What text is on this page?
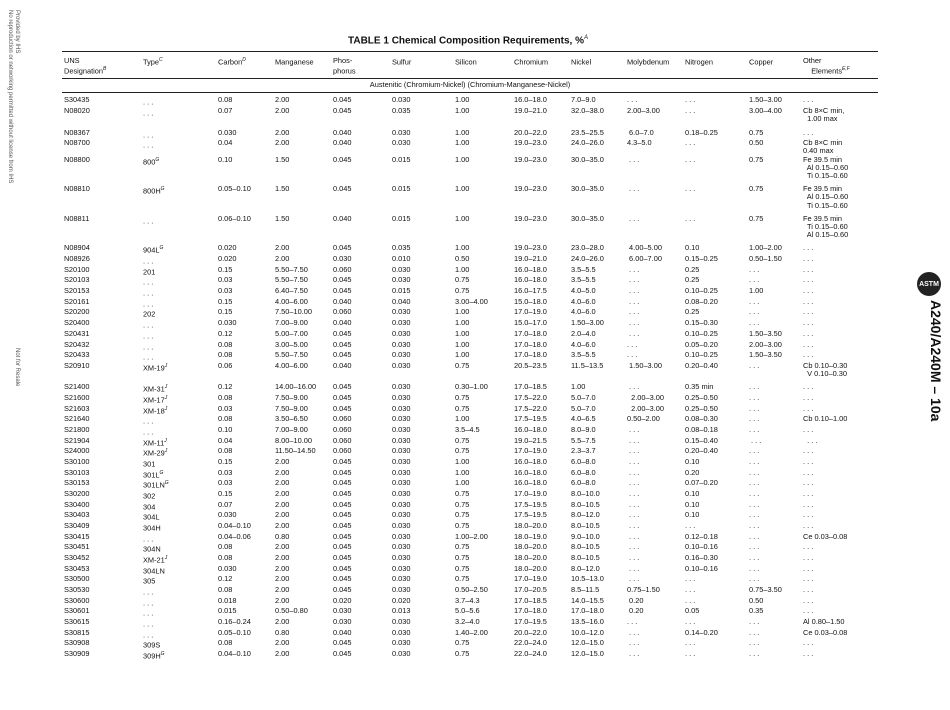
Provided by IHS
No reproduction or networking permitted without license from IHS
Not for Resale
ASTM
A240/A240M – 10a
TABLE 1 Chemical Composition Requirements, %$^A$
UNS
Designation$^B$	Type$^C$	Carbon$^D$	Manganese	Phos-
phorus	Sulfur	Silicon	Chromium	Nickel	Molybdenum	Nitrogen	Copper	Other
Elements$^{E,F}$
Austenitic (Chromium-Nickel) (Chromium-Manganese-Nickel)												
S30435	. . .	0.08	2.00	0.045	0.030	1.00	16.0–18.0	7.0–9.0	. . .	. . .	1.50–3.00	. . .
N08020	. . .	0.07	2.00	0.045	0.035	1.00	19.0–21.0	32.0–38.0	2.00–3.00	. . .	3.00–4.00	Cb 8×C min,
1.00 max
N08367	. . .	0.030	2.00	0.040	0.030	1.00	20.0–22.0	23.5–25.5	6.0–7.0	0.18–0.25	0.75	. . .
N08700	. . .	0.04	2.00	0.040	0.030	1.00	19.0–23.0	24.0–26.0	4.3–5.0	. . .	0.50	Cb 8×C min
0.40 max
N08800	$800^G$	0.10	1.50	0.045	0.015	1.00	19.0–23.0	30.0–35.0	. . .	. . .	0.75	Fe 39.5 min
Al 0.15–0.60
Ti 0.15–0.60
N08810	$800H^G$	0.05–0.10	1.50	0.045	0.015	1.00	19.0–23.0	30.0–35.0	. . .	. . .	0.75	Fe 39.5 min
Al 0.15–0.60
Ti 0.15–0.60
N08811	. . .	0.06–0.10	1.50	0.040	0.015	1.00	19.0–23.0	30.0–35.0	. . .	. . .	0.75	Fe 39.5 min
Ti 0.15–0.60
Al 0.15–0.60
N08904	$904L^G$	0.020	2.00	0.045	0.035	1.00	19.0–23.0	23.0–28.0	4.00–5.00	0.10	1.00–2.00	. . .
N08926	. . .	0.020	2.00	0.030	0.010	0.50	19.0–21.0	24.0–26.0	6.00–7.00	0.15–0.25	0.50–1.50	. . .
S20100	201	0.15	5.50–7.50	0.060	0.030	1.00	16.0–18.0	3.5–5.5	. . .	0.25	. . .	. . .
S20103	. . .	0.03	5.50–7.50	0.045	0.030	0.75	16.0–18.0	3.5–5.5	. . .	0.25	. . .	. . .
S20153	. . .	0.03	6.40–7.50	0.045	0.015	0.75	16.0–17.5	4.0–5.0	. . .	0.10–0.25	1.00	. . .
S20161	. . .	0.15	4.00–6.00	0.040	0.040	3.00–4.00	15.0–18.0	4.0–6.0	. . .	0.08–0.20	. . .	. . .
S20200	202	0.15	7.50–10.00	0.060	0.030	1.00	17.0–19.0	4.0–6.0	. . .	0.25	. . .	. . .
S20400	. . .	0.030	7.00–9.00	0.040	0.030	1.00	15.0–17.0	1.50–3.00	. . .	0.15–0.30	. . .	. . .
S20431	. . .	0.12	5.00–7.00	0.045	0.030	1.00	17.0–18.0	2.0–4.0	. . .	0.10–0.25	1.50–3.50	. . .
S20432	. . .	0.08	3.00–5.00	0.045	0.030	1.00	17.0–18.0	4.0–6.0	. . .	0.05–0.20	2.00–3.00	. . .
S20433	. . .	0.08	5.50–7.50	0.045	0.030	1.00	17.0–18.0	3.5–5.5	. . .	0.10–0.25	1.50–3.50	. . .
S20910	$XM-19^J$	0.06	4.00–6.00	0.040	0.030	0.75	20.5–23.5	11.5–13.5	1.50–3.00	0.20–0.40	. . .	Cb 0.10–0.30
V 0.10–0.30
S21400	$XM-31^J$	0.12	14.00–16.00	0.045	0.030	0.30–1.00	17.0–18.5	1.00	. . .	0.35 min	. . .	. . .
S21600	$XM-17^J$	0.08	7.50–9.00	0.045	0.030	0.75	17.5–22.0	5.0–7.0	2.00–3.00	0.25–0.50	. . .	. . .
S21603	$XM-18^J$	0.03	7.50–9.00	0.045	0.030	0.75	17.5–22.0	5.0–7.0	2.00–3.00	0.25–0.50	. . .	. . .
S21640	. . .	0.08	3.50–6.50	0.060	0.030	1.00	17.5–19.5	4.0–6.5	0.50–2.00	0.08–0.30	. . .	Cb 0.10–1.00
S21800	. . .	0.10	7.00–9.00	0.060	0.030	3.5–4.5	16.0–18.0	8.0–9.0	. . .	0.08–0.18	. . .	. . .
S21904	$XM-11^J$	0.04	8.00–10.00	0.060	0.030	0.75	19.0–21.5	5.5–7.5	. . .	0.15–0.40	. . .	. . .
S24000	$XM-29^J$	0.08	11.50–14.50	0.060	0.030	0.75	17.0–19.0	2.3–3.7	. . .	0.20–0.40	. . .	. . .
S30100	301	0.15	2.00	0.045	0.030	1.00	16.0–18.0	6.0–8.0	. . .	0.10	. . .	. . .
S30103	$301L^G$	0.03	2.00	0.045	0.030	1.00	16.0–18.0	6.0–8.0	. . .	0.20	. . .	. . .
S30153	$301LN^G$	0.03	2.00	0.045	0.030	1.00	16.0–18.0	6.0–8.0	. . .	0.07–0.20	. . .	. . .
S30200	302	0.15	2.00	0.045	0.030	0.75	17.0–19.0	8.0–10.0	. . .	0.10	. . .	. . .
S30400	304	0.07	2.00	0.045	0.030	0.75	17.5–19.5	8.0–10.5	. . .	0.10	. . .	. . .
S30403	304L	0.030	2.00	0.045	0.030	0.75	17.5–19.5	8.0–12.0	. . .	0.10	. . .	. . .
S30409	304H	0.04–0.10	2.00	0.045	0.030	0.75	18.0–20.0	8.0–10.5	. . .	. . .	. . .	. . .
S30415	. . .	0.04–0.06	0.80	0.045	0.030	1.00–2.00	18.0–19.0	9.0–10.0	. . .	0.12–0.18	. . .	Ce 0.03–0.08
S30451	304N	0.08	2.00	0.045	0.030	0.75	18.0–20.0	8.0–10.5	. . .	0.10–0.16	. . .	. . .
S30452	$XM-21^J$	0.08	2.00	0.045	0.030	0.75	18.0–20.0	8.0–10.5	. . .	0.16–0.30	. . .	. . .
S30453	304LN	0.030	2.00	0.045	0.030	0.75	18.0–20.0	8.0–12.0	. . .	0.10–0.16	. . .	. . .
S30500	305	0.12	2.00	0.045	0.030	0.75	17.0–19.0	10.5–13.0	. . .	. . .	. . .	. . .
S30530	. . .	0.08	2.00	0.045	0.030	0.50–2.50	17.0–20.5	8.5–11.5	0.75–1.50	. . .	0.75–3.50	. . .
S30600	. . .	0.018	2.00	0.020	0.020	3.7–4.3	17.0–18.5	14.0–15.5	0.20	. . .	0.50	. . .
S30601	. . .	0.015	0.50–0.80	0.030	0.013	5.0–5.6	17.0–18.0	17.0–18.0	0.20	0.05	0.35	. . .
S30615	. . .	0.16–0.24	2.00	0.030	0.030	3.2–4.0	17.0–19.5	13.5–16.0	. . .	. . .	. . .	Al 0.80–1.50
S30815	. . .	0.05–0.10	0.80	0.040	0.030	1.40–2.00	20.0–22.0	10.0–12.0	. . .	0.14–0.20	. . .	Ce 0.03–0.08
S30908	309S	0.08	2.00	0.045	0.030	0.75	22.0–24.0	12.0–15.0	. . .	. . .	. . .	. . .
S30909	$309H^G$	0.04–0.10	2.00	0.045	0.030	0.75	22.0–24.0	12.0–15.0	. . .	. . .	. . .	. . .
